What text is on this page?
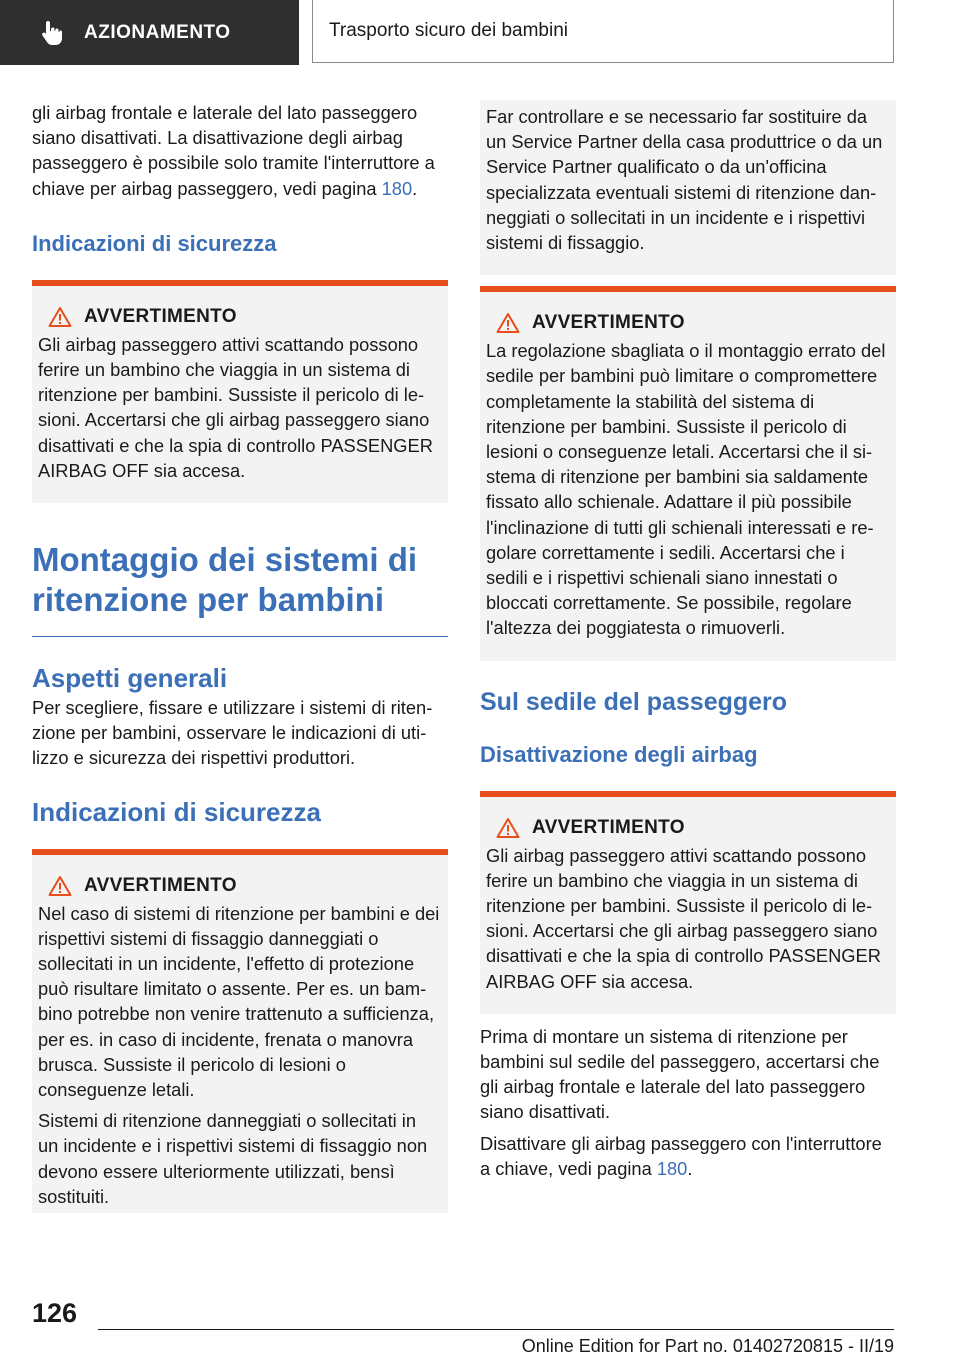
AZIONAMENTO	Trasporto sicuro dei bambini

gli airbag frontale e laterale del lato passeggero siano disattivati. La disattivazione degli airbag passeggero è possibile solo tramite l'interruttore a chiave per airbag passeggero, vedi pagina 180.

Indicazioni di sicurezza
AVVERTIMENTO

Gli airbag passeggero attivi scattando possono ferire un bambino che viaggia in un sistema di ritenzione per bambini. Sussiste il pericolo di lesioni. Accertarsi che gli airbag passeggero siano disattivati e che la spia di controllo PASSENGER AIRBAG OFF sia accesa.

Montaggio dei sistemi di ritenzione per bambini
Aspetti generali

Per scegliere, fissare e utilizzare i sistemi di ritenzione per bambini, osservare le indicazioni di utilizzo e sicurezza dei rispettivi produttori.

Indicazioni di sicurezza
AVVERTIMENTO

Nel caso di sistemi di ritenzione per bambini e dei rispettivi sistemi di fissaggio danneggiati o sollecitati in un incidente, l'effetto di protezione può risultare limitato o assente. Per es. un bambino potrebbe non venire trattenuto a sufficienza, per es. in caso di incidente, frenata o manovra brusca. Sussiste il pericolo di lesioni o conseguenze letali.

Sistemi di ritenzione danneggiati o sollecitati in un incidente e i rispettivi sistemi di fissaggio non devono essere ulteriormente utilizzati, bensì sostituiti.

Far controllare e se necessario far sostituire da un Service Partner della casa produttrice o da un Service Partner qualificato o da un'officina specializzata eventuali sistemi di ritenzione danneggiati o sollecitati in un incidente e i rispettivi sistemi di fissaggio.

AVVERTIMENTO

La regolazione sbagliata o il montaggio errato del sedile per bambini può limitare o compromettere completamente la stabilità del sistema di ritenzione per bambini. Sussiste il pericolo di lesioni o conseguenze letali. Accertarsi che il sistema di ritenzione per bambini sia saldamente fissato allo schienale. Adattare il più possibile l'inclinazione di tutti gli schienali interessati e regolare correttamente i sedili. Accertarsi che i sedili e i rispettivi schienali siano innestati o bloccati correttamente. Se possibile, regolare l'altezza dei poggiatesta o rimuoverli.

Sul sedile del passeggero
Disattivazione degli airbag
AVVERTIMENTO

Gli airbag passeggero attivi scattando possono ferire un bambino che viaggia in un sistema di ritenzione per bambini. Sussiste il pericolo di lesioni. Accertarsi che gli airbag passeggero siano disattivati e che la spia di controllo PASSENGER AIRBAG OFF sia accesa.

Prima di montare un sistema di ritenzione per bambini sul sedile del passeggero, accertarsi che gli airbag frontale e laterale del lato passeggero siano disattivati.

Disattivare gli airbag passeggero con l'interruttore a chiave, vedi pagina 180.

126
Online Edition for Part no. 01402720815 - II/19
